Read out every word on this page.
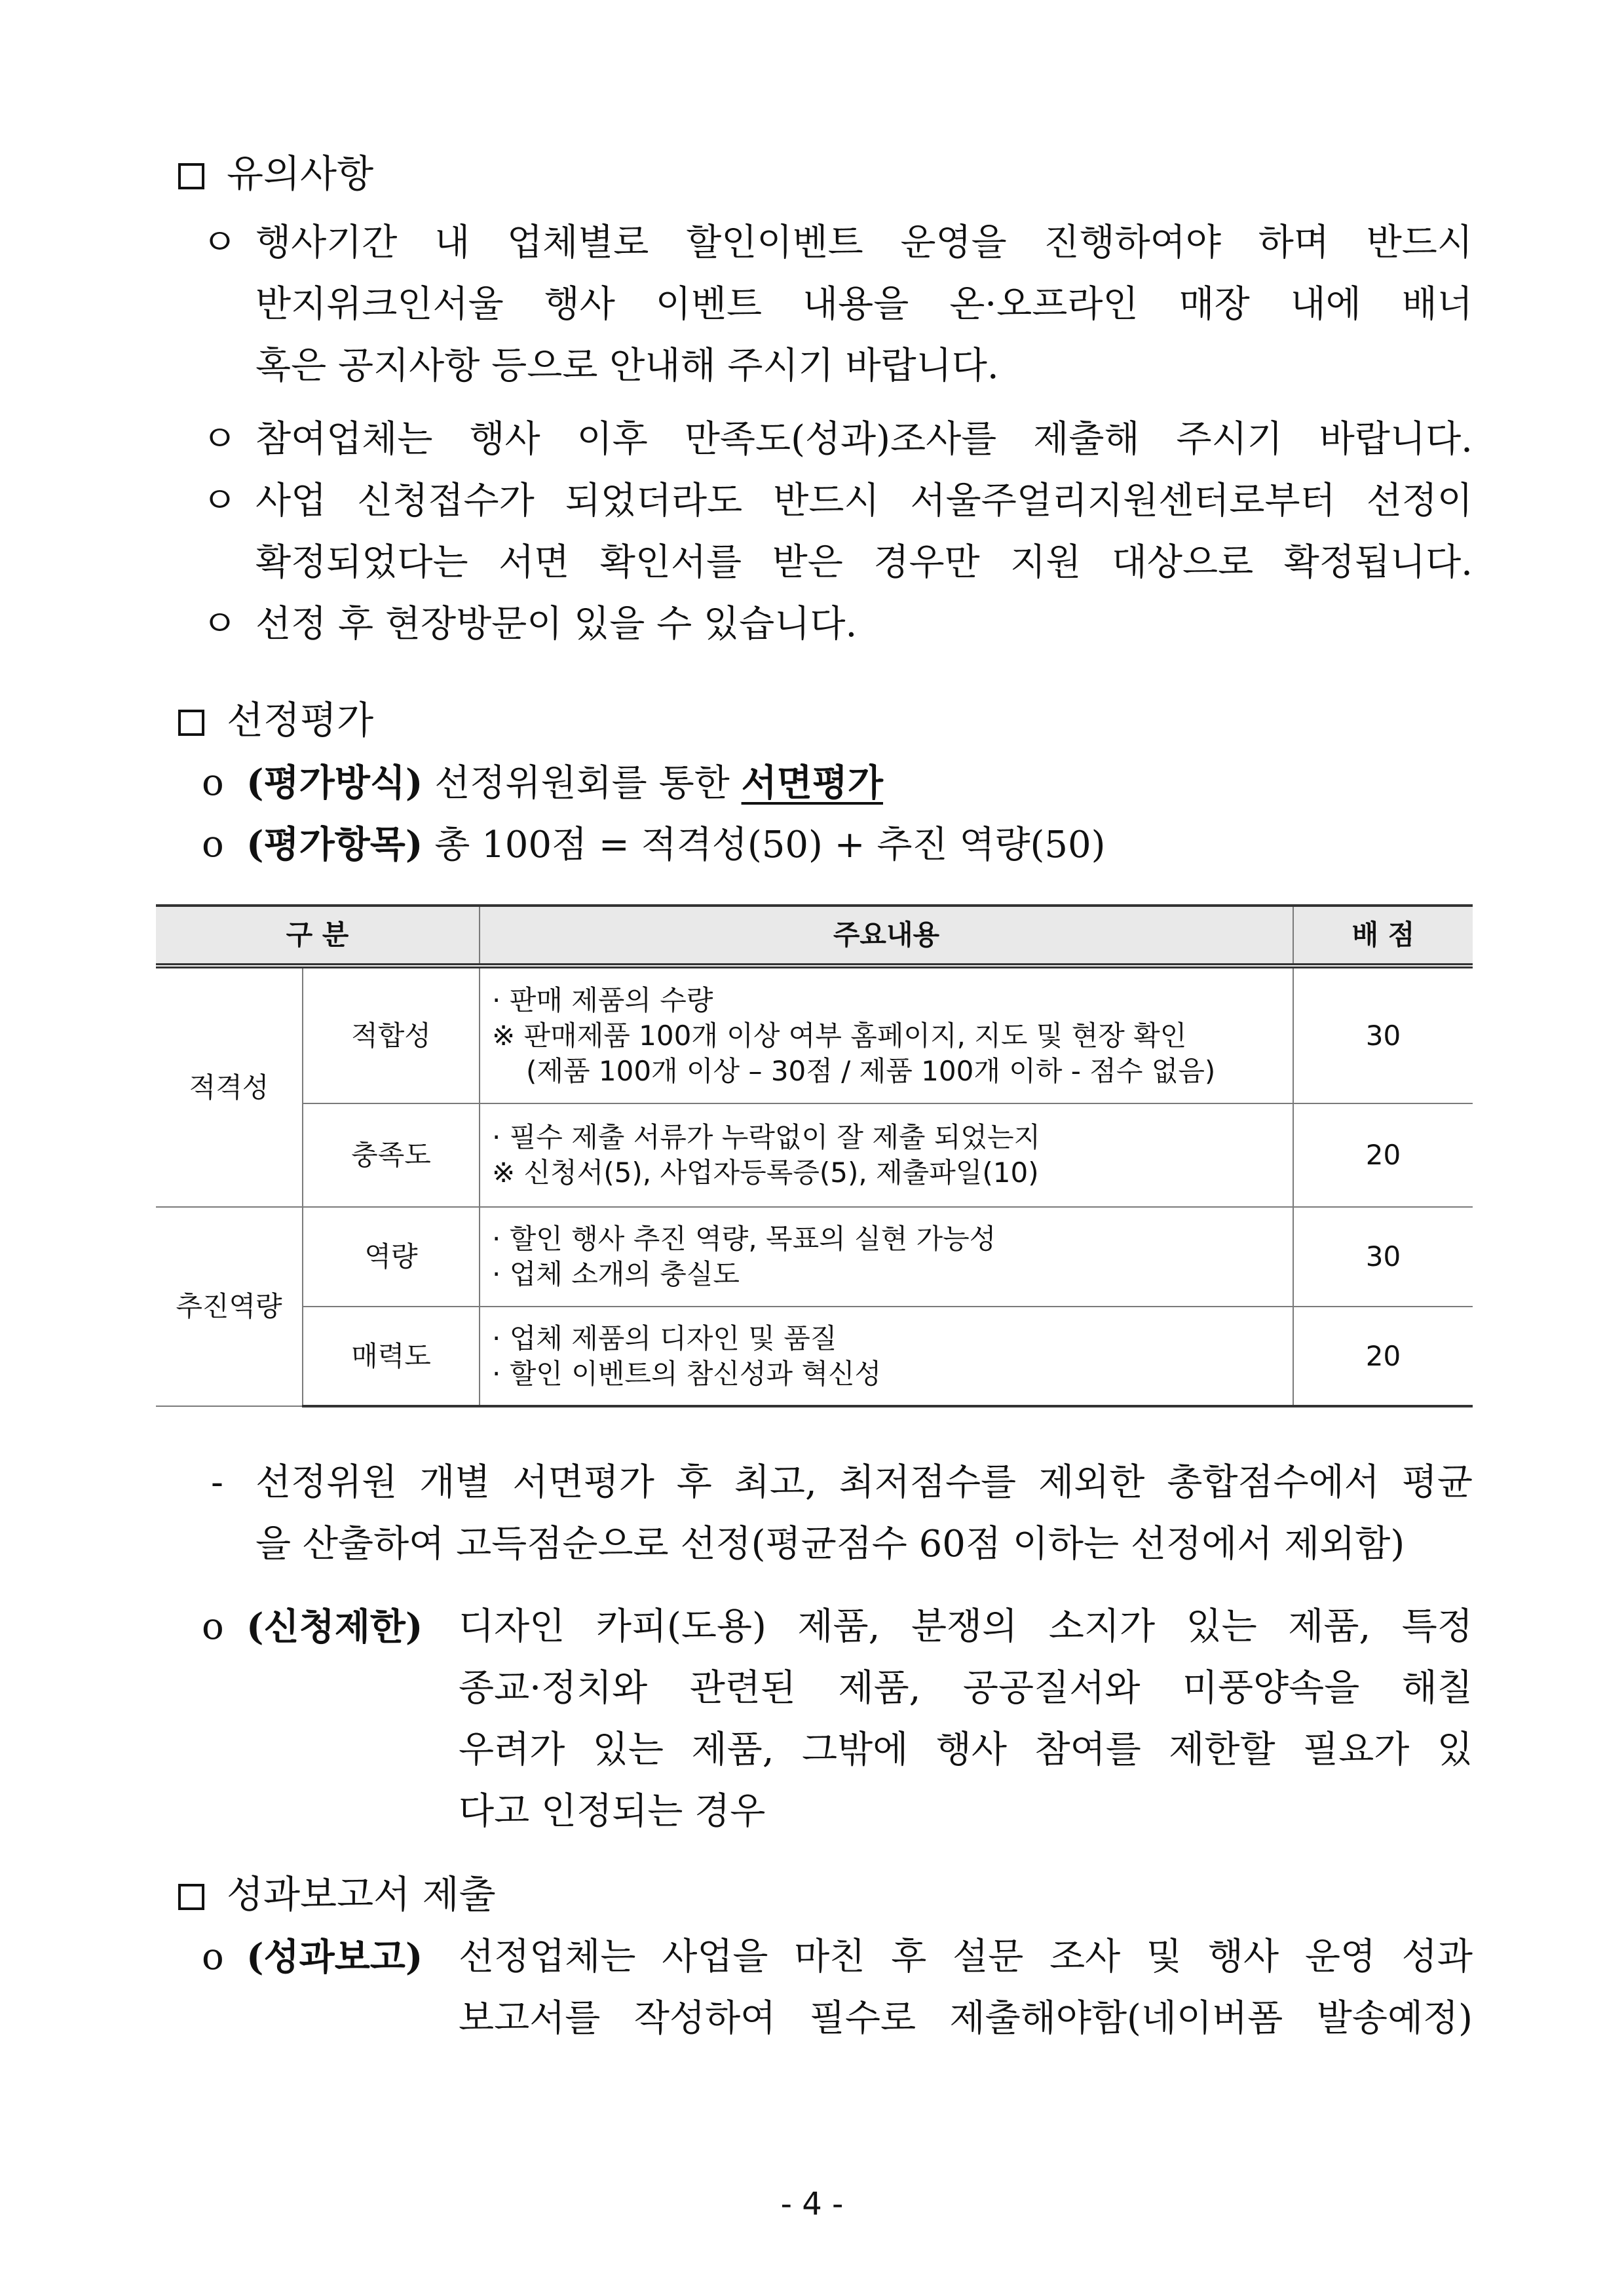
유의사항
ㅇ 행사기간 내 업체별로 할인이벤트 운영을 진행하여야 하며 반드시
반지위크인서울 행사 이벤트 내용을 온·오프라인 매장 내에 배너
혹은 공지사항 등으로 안내해 주시기 바랍니다.
ㅇ 참여업체는 행사 이후 만족도(성과)조사를 제출해 주시기 바랍니다.
ㅇ 사업 신청접수가 되었더라도 반드시 서울주얼리지원센터로부터 선정이
확정되었다는 서면 확인서를 받은 경우만 지원 대상으로 확정됩니다.
ㅇ 선정 후 현장방문이 있을 수 있습니다.
선정평가
o (평가방식) 선정위원회를 통한 서면평가
o (평가항목) 총 100점 = 적격성(50) + 추진 역량(50)
구 분		주요내용	배 점
적격성	적합성	· 판매 제품의 수량
※ 판매제품 100개 이상 여부 홈페이지, 지도 및 현장 확인
(제품 100개 이상 – 30점 / 제품 100개 이하 - 점수 없음)	30
	충족도	· 필수 제출 서류가 누락없이 잘 제출 되었는지
※ 신청서(5), 사업자등록증(5), 제출파일(10)	20
추진역량	역량	· 할인 행사 추진 역량, 목표의 실현 가능성
· 업체 소개의 충실도	30
	매력도	· 업체 제품의 디자인 및 품질
· 할인 이벤트의 참신성과 혁신성	20
- 선정위원 개별 서면평가 후 최고, 최저점수를 제외한 총합점수에서 평균
을 산출하여 고득점순으로 선정(평균점수 60점 이하는 선정에서 제외함)
o (신청제한) 디자인 카피(도용) 제품, 분쟁의 소지가 있는 제품, 특정
종교·정치와 관련된 제품, 공공질서와 미풍양속을 해칠
우려가 있는 제품, 그밖에 행사 참여를 제한할 필요가 있
다고 인정되는 경우
성과보고서 제출
o (성과보고) 선정업체는 사업을 마친 후 설문 조사 및 행사 운영 성과
보고서를 작성하여 필수로 제출해야함(네이버폼 발송예정)
- 4 -
